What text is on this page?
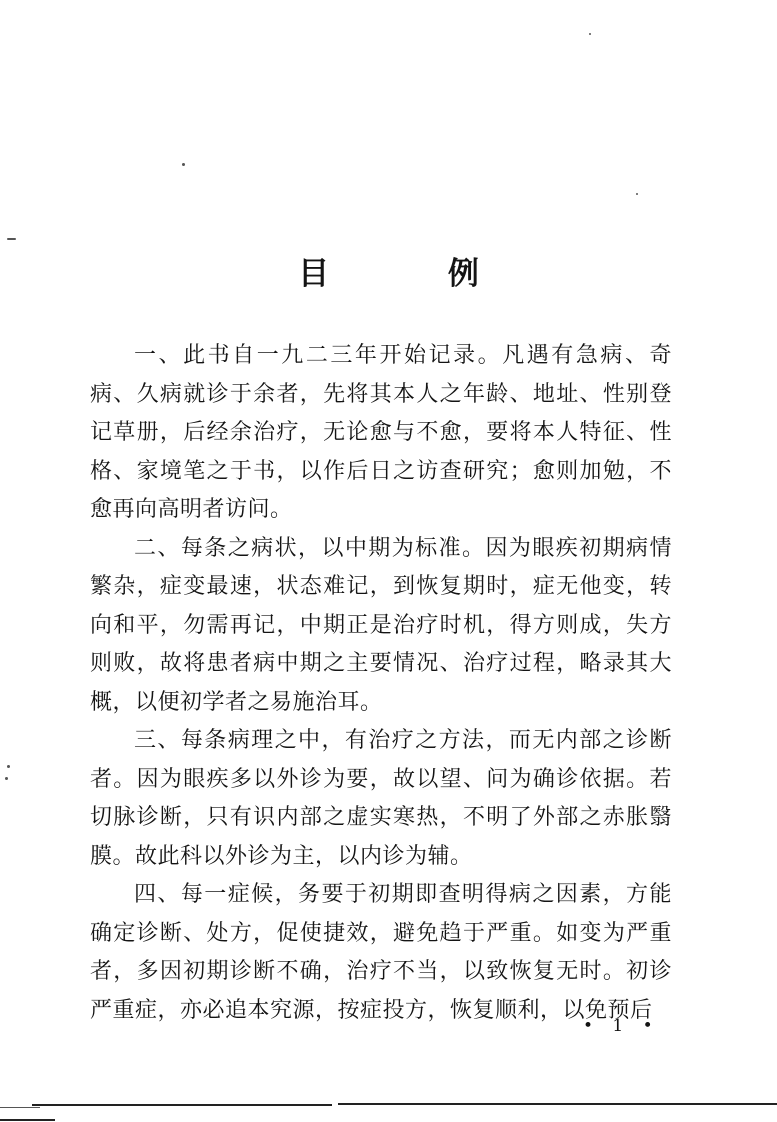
目 例

一、此书自一九二三年开始记录。凡遇有急病、奇病、久病就诊于余者，先将其本人之年龄、地址、性别登记草册，后经余治疗，无论愈与不愈，要将本人特征、性格、家境笔之于书，以作后日之访查研究；愈则加勉，不愈再向高明者访问。

二、每条之病状，以中期为标准。因为眼疾初期病情繁杂，症变最速，状态难记，到恢复期时，症无他变，转向和平，勿需再记，中期正是治疗时机，得方则成，失方则败，故将患者病中期之主要情况、治疗过程，略录其大概，以便初学者之易施治耳。

三、每条病理之中，有治疗之方法，而无内部之诊断者。因为眼疾多以外诊为要，故以望、问为确诊依据。若切脉诊断，只有识内部之虚实寒热，不明了外部之赤胀翳膜。故此科以外诊为主，以内诊为辅。

四、每一症候，务要于初期即查明得病之因素，方能确定诊断、处方，促使捷效，避免趋于严重。如变为严重者，多因初期诊断不确，治疗不当，以致恢复无时。初诊严重症，亦必追本究源，按症投方，恢复顺利，以免预后

• 1 •
